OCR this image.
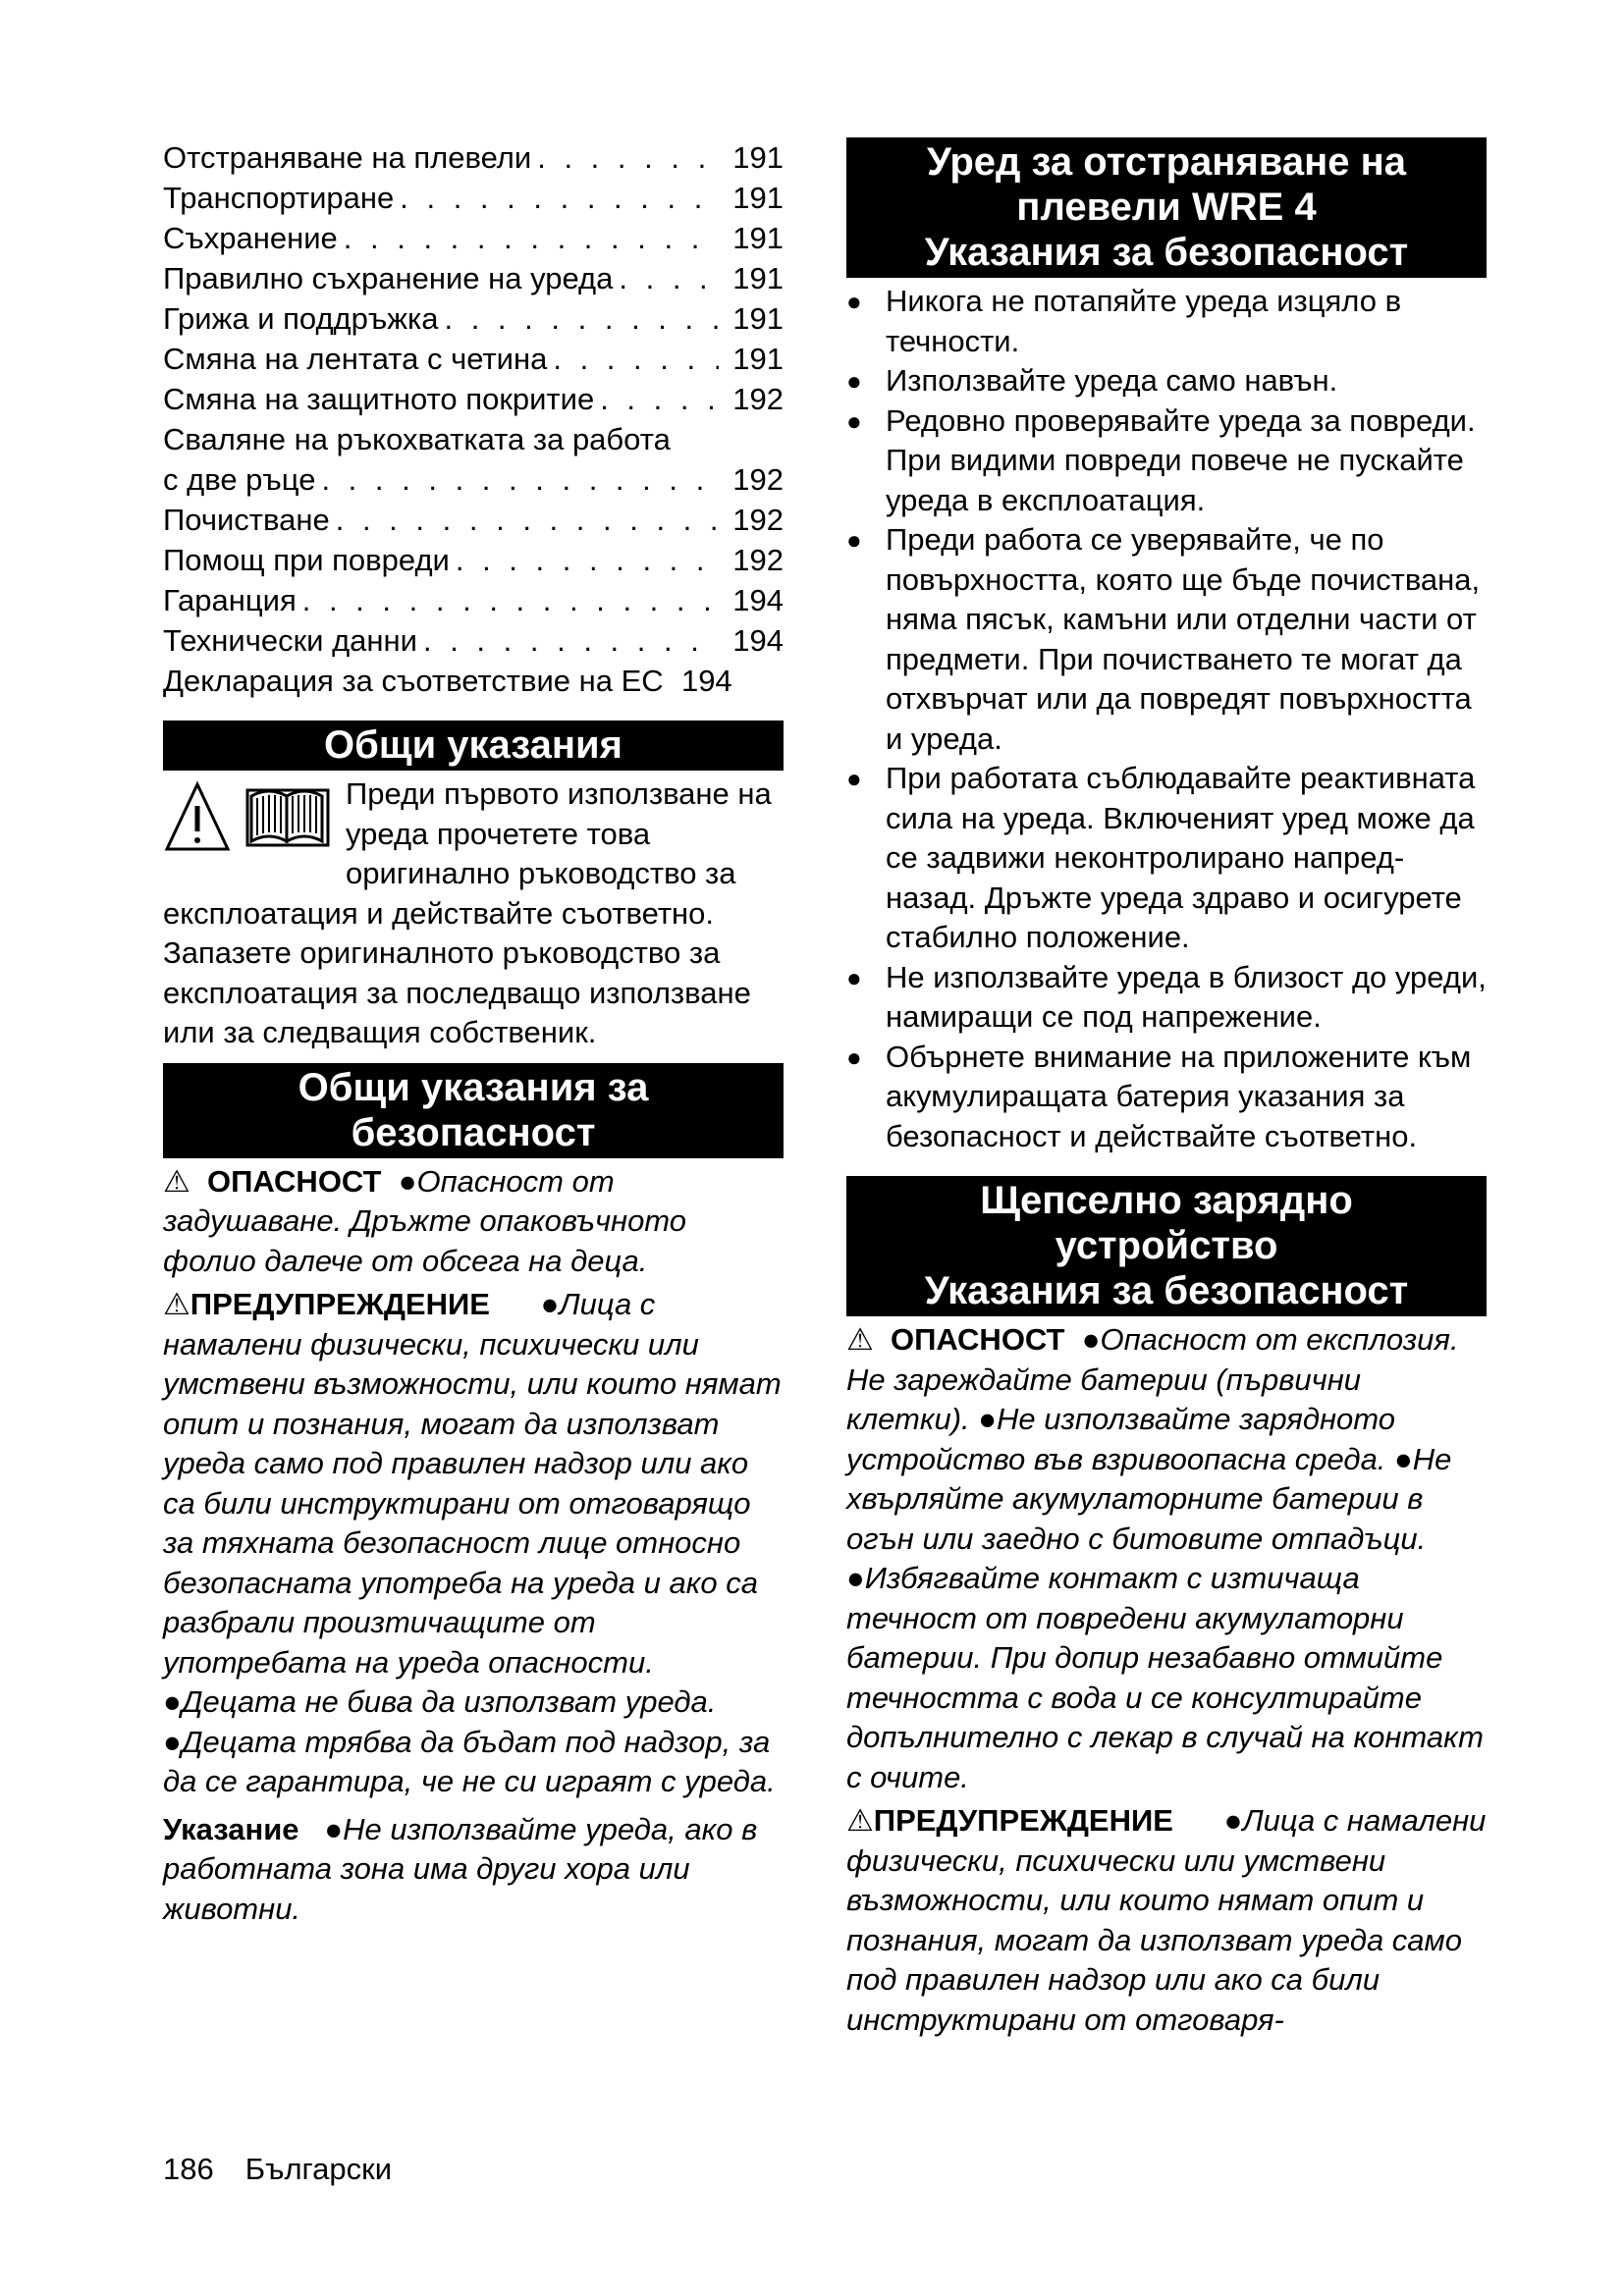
Отстраняване на плевели . . .	191
Транспортиране . . .	191
Съхранение . . .	191
Правилно съхранение на уреда . . .	191
Грижа и поддръжка . . .	191
Смяна на лентата с четина . . .	191
Смяна на защитното покритие . . .	192
Сваляне на ръкохватката за работа
с две ръце . . .	192
Почистване . . .	192
Помощ при повреди . . .	192
Гаранция . . .	194
Технически данни . . .	194
Декларация за съответствие на ЕС 194
Общи указания
Преди първото използване на уреда прочетете това оригинално ръководство за експлоатация и действайте съответно. Запазете оригиналното ръководство за експлоатация за последващо използване или за следващия собственик.
Общи указания за
безопасност
⚠ ОПАСНОСТ  ●Опасност от задушаване. Дръжте опаковъчното фолио далече от обсега на деца.
⚠ПРЕДУПРЕЖДЕНИЕ      ●Лица с намалени физически, психически или умствени възможности, или които нямат опит и познания, могат да използват уреда само под правилен надзор или ако са били инструктирани от отговарящо за тяхната безопасност лице относно безопасната употреба на уреда и ако са разбрали произтичащите от употребата на уреда опасности. ●Децата не бива да използват уреда. ●Децата трябва да бъдат под надзор, за да се гарантира, че не си играят с уреда.
Указание   ●Не използвайте уреда, ако в работната зона има други хора или животни.
Уред за отстраняване на
плевели WRE 4
Указания за безопасност
● Никога не потапяйте уреда изцяло в течности.
● Използвайте уреда само навън.
● Редовно проверявайте уреда за повреди. При видими повреди повече не пускайте уреда в експлоатация.
● Преди работа се уверявайте, че по повърхността, която ще бъде почиствана, няма пясък, камъни или отделни части от предмети. При почистването те могат да отхвърчат или да повредят повърхността и уреда.
● При работата съблюдавайте реактивната сила на уреда. Включеният уред може да се задвижи неконтролирано напред-назад. Дръжте уреда здраво и осигурете стабилно положение.
● Не използвайте уреда в близост до уреди, намиращи се под напрежение.
● Обърнете внимание на приложените към акумулиращата батерия указания за безопасност и действайте съответно.
Щепселно зарядно
устройство
Указания за безопасност
⚠ ОПАСНОСТ  ●Опасност от експлозия. Не зареждайте батерии (първични клетки). ●Не използвайте зарядното устройство във взривоопасна среда. ●Не хвърляйте акумулаторните батерии в огън или заедно с битовите отпадъци. ●Избягвайте контакт с изтичаща течност от повредени акумулаторни батерии. При допир незабавно отмийте течността с вода и се консултирайте допълнително с лекар в случай на контакт с очите.
⚠ПРЕДУПРЕЖДЕНИЕ      ●Лица с намалени физически, психически или умствени възможности, или които нямат опит и познания, могат да използват уреда само под правилен надзор или ако са били инструктирани от отговаря-
186 Български
